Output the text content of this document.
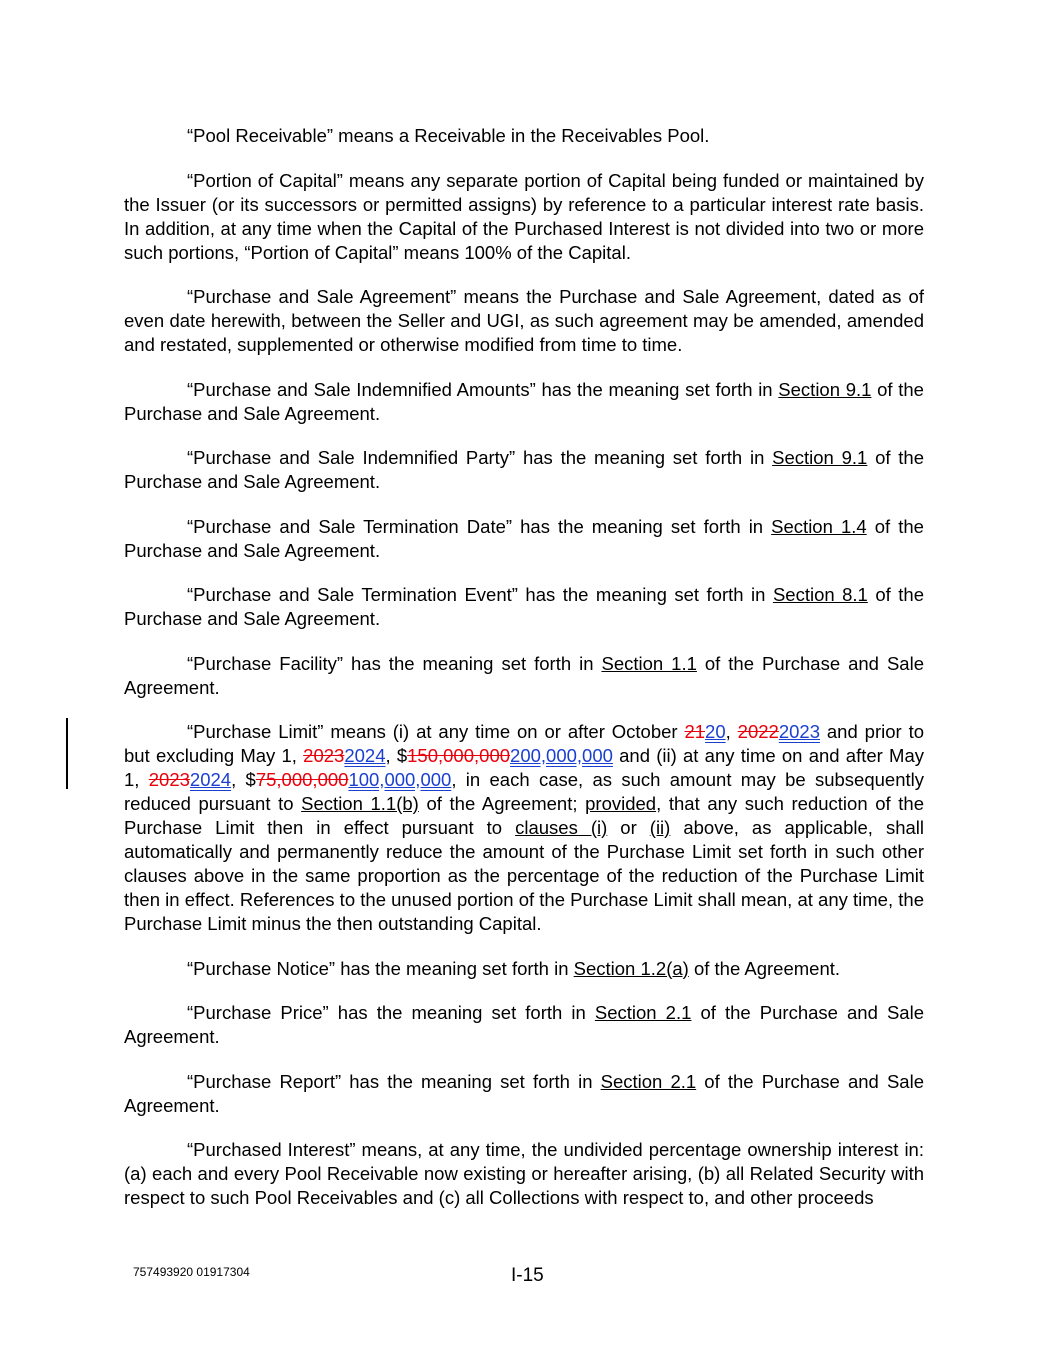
“Pool Receivable” means a Receivable in the Receivables Pool.

“Portion of Capital” means any separate portion of Capital being funded or maintained by the Issuer (or its successors or permitted assigns) by reference to a particular interest rate basis. In addition, at any time when the Capital of the Purchased Interest is not divided into two or more such portions, “Portion of Capital” means 100% of the Capital.

“Purchase and Sale Agreement” means the Purchase and Sale Agreement, dated as of even date herewith, between the Seller and UGI, as such agreement may be amended, amended and restated, supplemented or otherwise modified from time to time.

“Purchase and Sale Indemnified Amounts” has the meaning set forth in Section 9.1 of the Purchase and Sale Agreement.

“Purchase and Sale Indemnified Party” has the meaning set forth in Section 9.1 of the Purchase and Sale Agreement.

“Purchase and Sale Termination Date” has the meaning set forth in Section 1.4 of the Purchase and Sale Agreement.

“Purchase and Sale Termination Event” has the meaning set forth in Section 8.1 of the Purchase and Sale Agreement.

“Purchase Facility” has the meaning set forth in Section 1.1 of the Purchase and Sale Agreement.

“Purchase Limit” means (i) at any time on or after October 2120, 20222023 and prior to but excluding May 1, 20232024, $150,000,000200,000,000 and (ii) at any time on and after May 1, 20232024, $75,000,000100,000,000, in each case, as such amount may be subsequently reduced pursuant to Section 1.1(b) of the Agreement; provided, that any such reduction of the Purchase Limit then in effect pursuant to clauses (i) or (ii) above, as applicable, shall automatically and permanently reduce the amount of the Purchase Limit set forth in such other clauses above in the same proportion as the percentage of the reduction of the Purchase Limit then in effect. References to the unused portion of the Purchase Limit shall mean, at any time, the Purchase Limit minus the then outstanding Capital.

“Purchase Notice” has the meaning set forth in Section 1.2(a) of the Agreement.

“Purchase Price” has the meaning set forth in Section 2.1 of the Purchase and Sale Agreement.

“Purchase Report” has the meaning set forth in Section 2.1 of the Purchase and Sale Agreement.

“Purchased Interest” means, at any time, the undivided percentage ownership interest in: (a) each and every Pool Receivable now existing or hereafter arising, (b) all Related Security with respect to such Pool Receivables and (c) all Collections with respect to, and other proceeds

757493920 01917304	I-15
